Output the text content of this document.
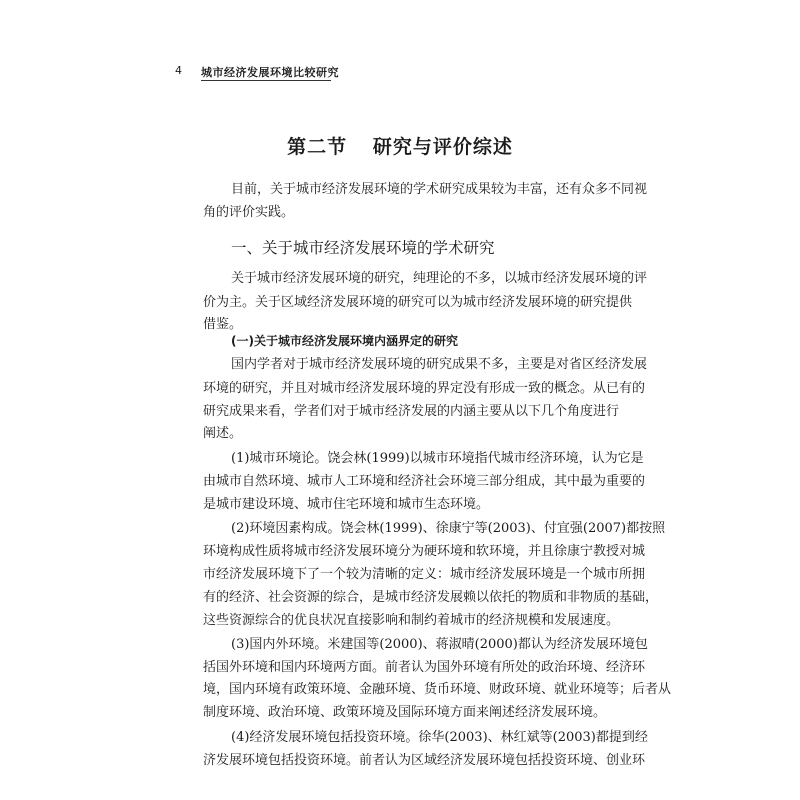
4 城市经济发展环境比较研究
第二节 研究与评价综述
一、关于城市经济发展环境的学术研究
(一)关于城市经济发展环境内涵界定的研究
目前，关于城市经济发展环境的学术研究成果较为丰富，还有众多不同视
角的评价实践。
关于城市经济发展环境的研究，纯理论的不多，以城市经济发展环境的评
价为主。关于区域经济发展环境的研究可以为城市经济发展环境的研究提供
借鉴。
国内学者对于城市经济发展环境的研究成果不多，主要是对省区经济发展
环境的研究，并且对城市经济发展环境的界定没有形成一致的概念。从已有的
研究成果来看，学者们对于城市经济发展的内涵主要从以下几个角度进行
阐述。
(1)城市环境论。饶会林(1999)以城市环境指代城市经济环境，认为它是
由城市自然环境、城市人工环境和经济社会环境三部分组成，其中最为重要的
是城市建设环境、城市住宅环境和城市生态环境。
(2)环境因素构成。饶会林(1999)、徐康宁等(2003)、付宜强(2007)都按照
环境构成性质将城市经济发展环境分为硬环境和软环境，并且徐康宁教授对城
市经济发展环境下了一个较为清晰的定义：城市经济发展环境是一个城市所拥
有的经济、社会资源的综合，是城市经济发展赖以依托的物质和非物质的基础，
这些资源综合的优良状况直接影响和制约着城市的经济规模和发展速度。
(3)国内外环境。米建国等(2000)、蒋淑晴(2000)都认为经济发展环境包
括国外环境和国内环境两方面。前者认为国外环境有所处的政治环境、经济环
境，国内环境有政策环境、金融环境、货币环境、财政环境、就业环境等；后者从
制度环境、政治环境、政策环境及国际环境方面来阐述经济发展环境。
(4)经济发展环境包括投资环境。徐华(2003)、林红斌等(2003)都提到经
济发展环境包括投资环境。前者认为区域经济发展环境包括投资环境、创业环
